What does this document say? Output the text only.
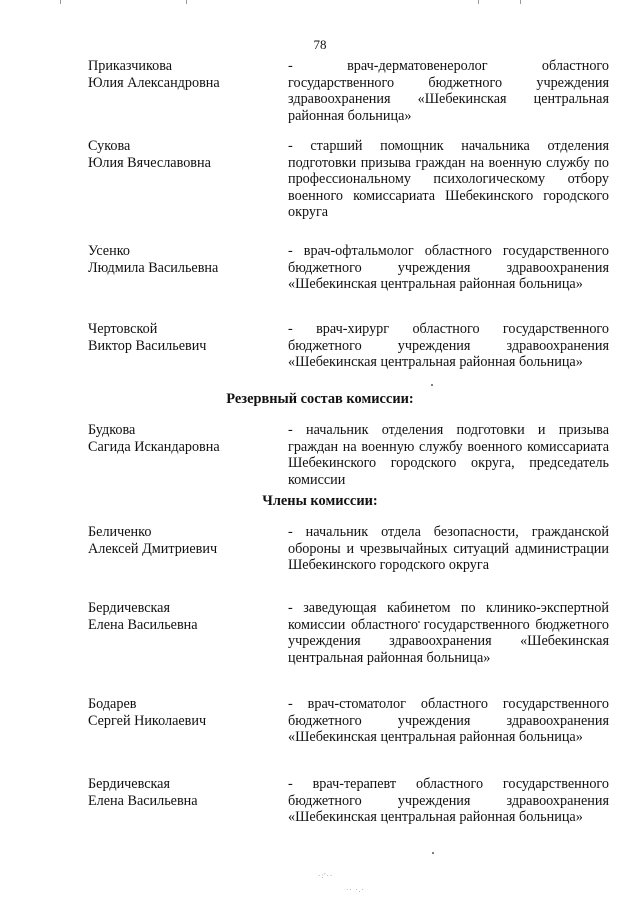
·:'··
·· ·.·
78
Приказчикова
Юлия Александровна
- врач-дерматовенеролог областного государственного бюджетного учреждения здравоохранения «Шебекинская центральная районная больница»
Сукова
Юлия Вячеславовна
- старший помощник начальника отделения подготовки призыва граждан на военную службу по профессиональному психологическому отбору военного комиссариата Шебекинского городского округа
Усенко
Людмила Васильевна
- врач-офтальмолог областного государственного бюджетного учреждения здравоохранения «Шебекинская центральная районная больница»
Чертовской
Виктор Васильевич
- врач-хирург областного государственного бюджетного учреждения здравоохранения «Шебекинская центральная районная больница»
Резервный состав комиссии:
Будкова
Сагида Искандаровна
- начальник отделения подготовки и призыва граждан на военную службу военного комиссариата Шебекинского городского округа, председатель комиссии
Члены комиссии:
Беличенко
Алексей Дмитриевич
- начальник отдела безопасности, гражданской обороны и чрезвычайных ситуаций администрации Шебекинского городского округа
Бердичевская
Елена Васильевна
- заведующая кабинетом по клинико-экспертной комиссии областного государственного бюджетного учреждения здравоохранения «Шебекинская центральная районная больница»
Бодарев
Сергей Николаевич
- врач-стоматолог областного государственного бюджетного учреждения здравоохранения «Шебекинская центральная районная больница»
Бердичевская
Елена Васильевна
- врач-терапевт областного государственного бюджетного учреждения здравоохранения «Шебекинская центральная районная больница»
